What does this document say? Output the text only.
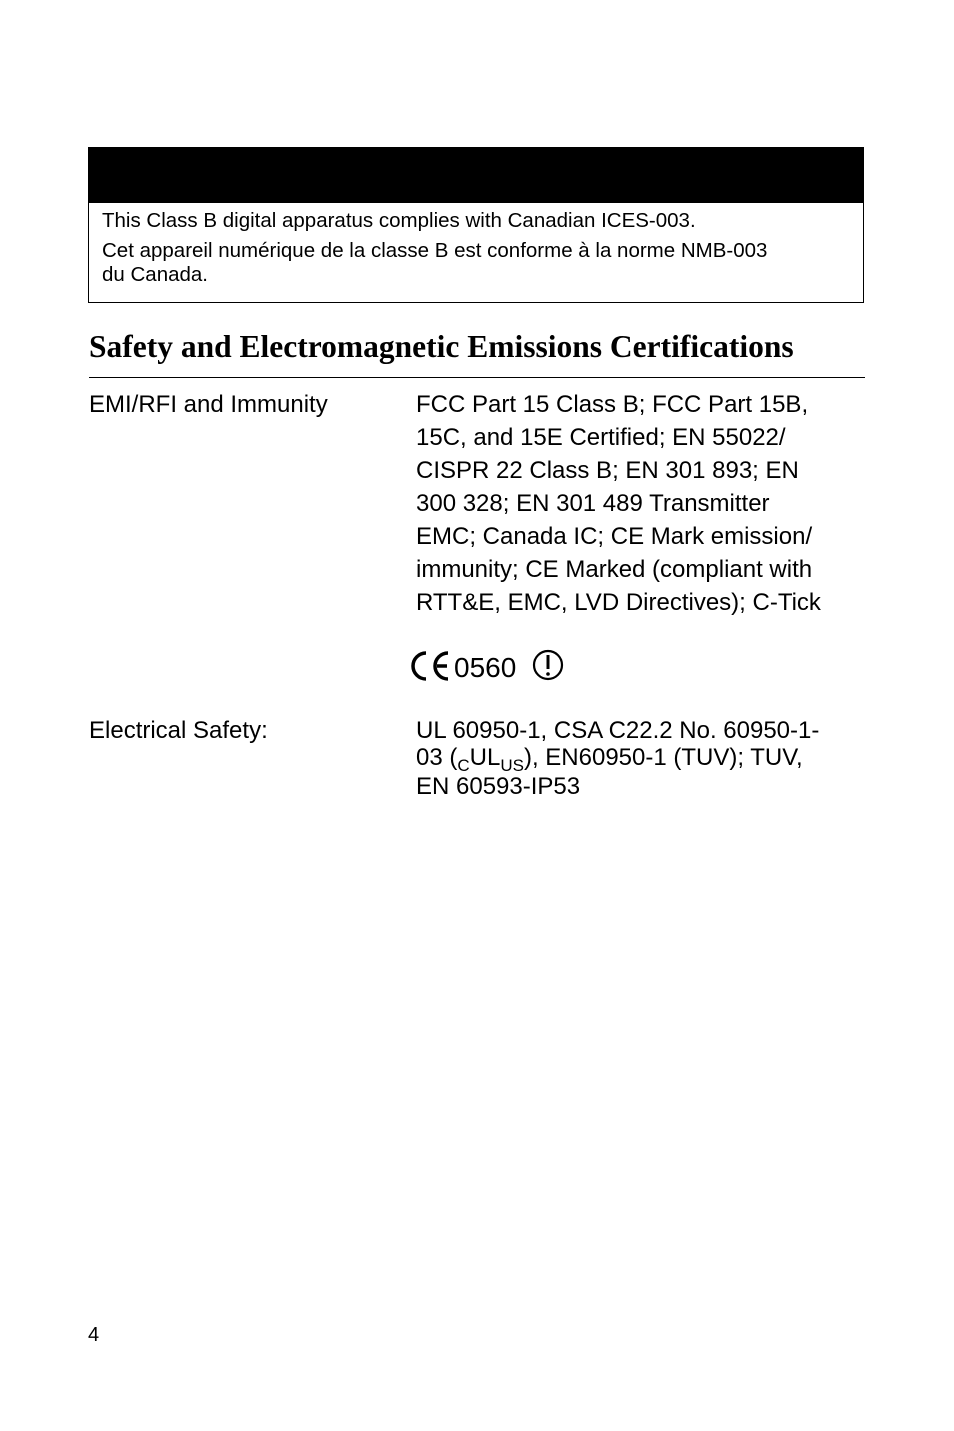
This Class B digital apparatus complies with Canadian ICES-003.

Cet appareil numérique de la classe B est conforme à la norme NMB-003

du Canada.

Safety and Electromagnetic Emissions Certifications
EMI/RFI and Immunity	FCC Part 15 Class B; FCC Part 15B,
15C, and 15E Certified; EN 55022/
CISPR 22 Class B; EN 301 893; EN
300 328; EN 301 489 Transmitter
EMC; Canada IC; CE Mark emission/
immunity; CE Marked (compliant with
RTT&E, EMC, LVD Directives); C-Tick
0560
Electrical Safety:	UL 60950-1, CSA C22.2 No. 60950-1-
03 $(_CUL_{US})$, EN60950-1 (TUV); TUV,
EN 60593-IP53
4
